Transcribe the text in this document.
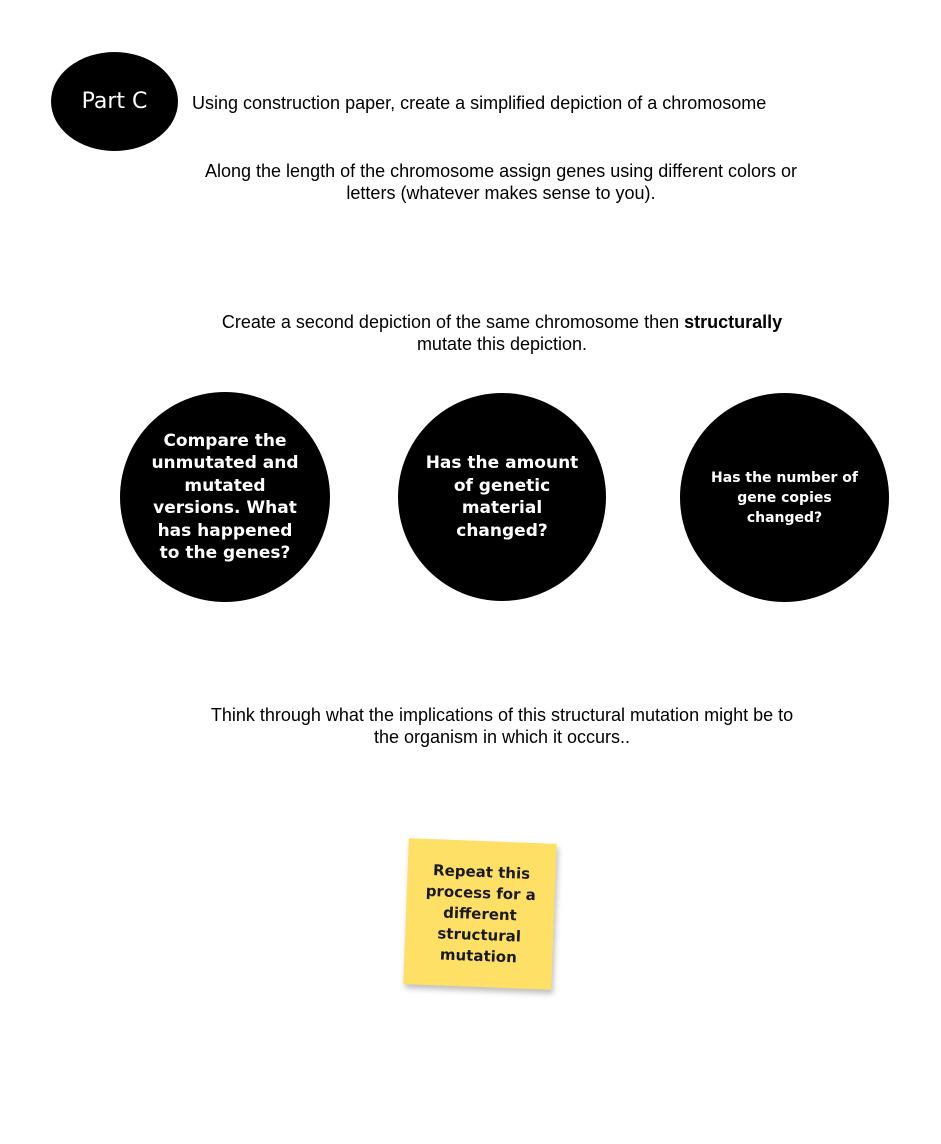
Part C Using construction paper, create a simplified depiction of a chromosome
Along the length of the chromosome assign genes using different colors or
letters (whatever makes sense to you).
Create a second depiction of the same chromosome then structurally
mutate this depiction.
Compare the
unmutated and
mutated
versions. What
has happened
to the genes?
Has the amount
of genetic
material
changed?
Has the number of
gene copies
changed?
Think through what the implications of this structural mutation might be to
the organism in which it occurs..
Repeat this
process for a
different
structural
mutation
